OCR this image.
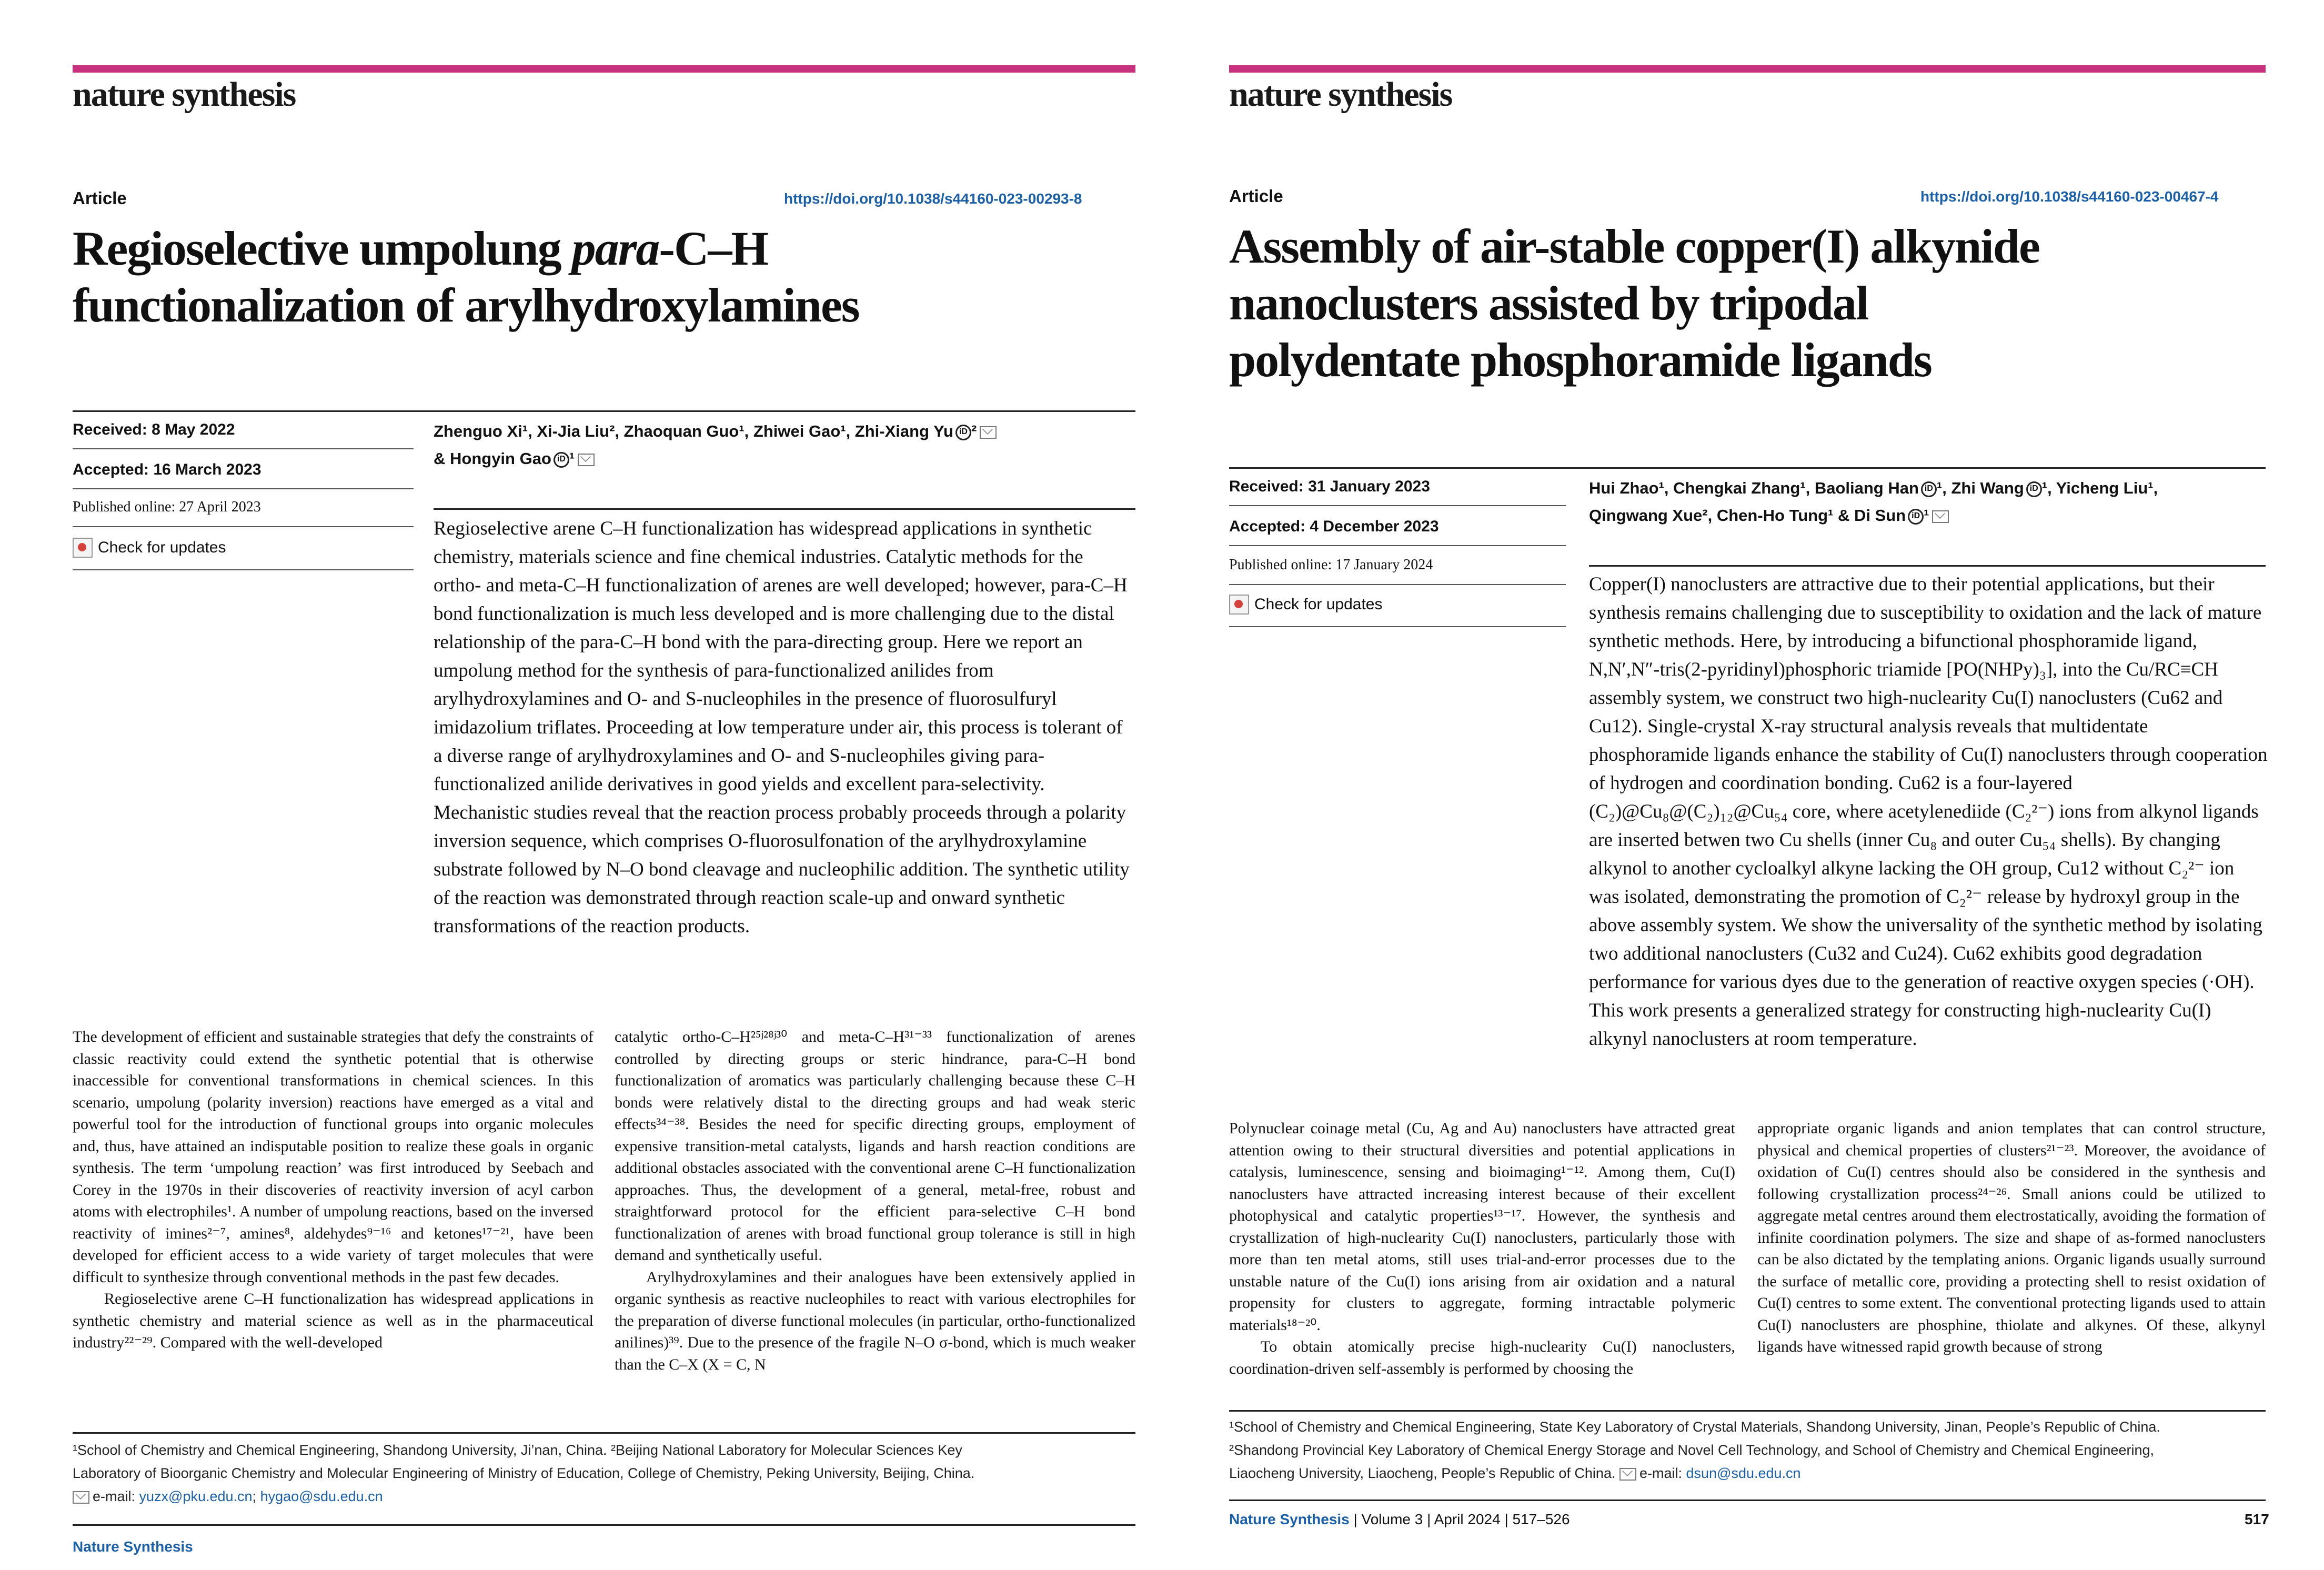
nature synthesis
Article	https://doi.org/10.1038/s44160-023-00293-8
Regioselective umpolung para-C–H
functionalization of arylhydroxylamines
Received: 8 May 2022
Accepted: 16 March 2023
Published online: 27 April 2023
Check for updates
Zhenguo Xi¹, Xi-Jia Liu², Zhaoquan Guo¹, Zhiwei Gao¹, Zhi-Xiang Yu iD ²
& Hongyin Gao iD ¹

Regioselective arene C–H functionalization has widespread applications in synthetic chemistry, materials science and fine chemical industries. Catalytic methods for the ortho- and meta-C–H functionalization of arenes are well developed; however, para-C–H bond functionalization is much less developed and is more challenging due to the distal relationship of the para-C–H bond with the para-directing group. Here we report an umpolung method for the synthesis of para-functionalized anilides from arylhydroxylamines and O- and S-nucleophiles in the presence of fluorosulfuryl imidazolium triflates. Proceeding at low temperature under air, this process is tolerant of a diverse range of arylhydroxylamines and O- and S-nucleophiles giving para-functionalized anilide derivatives in good yields and excellent para-selectivity. Mechanistic studies reveal that the reaction process probably proceeds through a polarity inversion sequence, which comprises O-fluorosulfonation of the arylhydroxylamine substrate followed by N–O bond cleavage and nucleophilic addition. The synthetic utility of the reaction was demonstrated through reaction scale-up and onward synthetic transformations of the reaction products.

The development of efficient and sustainable strategies that defy the constraints of classic reactivity could extend the synthetic potential that is otherwise inaccessible for conventional transformations in chemical sciences. In this scenario, umpolung (polarity inversion) reactions have emerged as a vital and powerful tool for the introduction of functional groups into organic molecules and, thus, have attained an indisputable position to realize these goals in organic synthesis. The term ‘umpolung reaction’ was first introduced by Seebach and Corey in the 1970s in their discoveries of reactivity inversion of acyl carbon atoms with electrophiles¹. A number of umpolung reactions, based on the inversed reactivity of imines²⁻⁷, amines⁸, aldehydes⁹⁻¹⁶ and ketones¹⁷⁻²¹, have been developed for efficient access to a wide variety of target molecules that were difficult to synthesize through conventional methods in the past few decades.

Regioselective arene C–H functionalization has widespread applications in synthetic chemistry and material science as well as in the pharmaceutical industry²²⁻²⁹. Compared with the well-developed

catalytic ortho-C–H²⁵ʲ²⁸ʲ³⁰ and meta-C–H³¹⁻³³ functionalization of arenes controlled by directing groups or steric hindrance, para-C–H bond functionalization of aromatics was particularly challenging because these C–H bonds were relatively distal to the directing groups and had weak steric effects³⁴⁻³⁸. Besides the need for specific directing groups, employment of expensive transition-metal catalysts, ligands and harsh reaction conditions are additional obstacles associated with the conventional arene C–H functionalization approaches. Thus, the development of a general, metal-free, robust and straightforward protocol for the efficient para-selective C–H bond functionalization of arenes with broad functional group tolerance is still in high demand and synthetically useful.

Arylhydroxylamines and their analogues have been extensively applied in organic synthesis as reactive nucleophiles to react with various electrophiles for the preparation of diverse functional molecules (in particular, ortho-functionalized anilines)³⁹. Due to the presence of the fragile N–O σ-bond, which is much weaker than the C–X (X = C, N

¹School of Chemistry and Chemical Engineering, Shandong University, Ji’nan, China. ²Beijing National Laboratory for Molecular Sciences Key

Laboratory of Bioorganic Chemistry and Molecular Engineering of Ministry of Education, College of Chemistry, Peking University, Beijing, China.

e-mail: yuzx@pku.edu.cn; hygao@sdu.edu.cn

Nature Synthesis
nature synthesis
Article	https://doi.org/10.1038/s44160-023-00467-4
Assembly of air-stable copper(I) alkynide
nanoclusters assisted by tripodal
polydentate phosphoramide ligands
Received: 31 January 2023
Accepted: 4 December 2023
Published online: 17 January 2024
Check for updates
Hui Zhao¹, Chengkai Zhang¹, Baoliang Han iD ¹, Zhi Wang iD ¹, Yicheng Liu¹,
Qingwang Xue², Chen-Ho Tung¹ & Di Sun iD ¹

Copper(I) nanoclusters are attractive due to their potential applications, but their synthesis remains challenging due to susceptibility to oxidation and the lack of mature synthetic methods. Here, by introducing a bifunctional phosphoramide ligand, N,N′,N″-tris(2-pyridinyl)phosphoric triamide [PO(NHPy)₃], into the Cu/RC≡CH assembly system, we construct two high-nuclearity Cu(I) nanoclusters (Cu62 and Cu12). Single-crystal X-ray structural analysis reveals that multidentate phosphoramide ligands enhance the stability of Cu(I) nanoclusters through cooperation of hydrogen and coordination bonding. Cu62 is a four-layered (C₂)@Cu₈@(C₂)₁₂@Cu₅₄ core, where acetylenediide (C₂²⁻) ions from alkynol ligands are inserted betwen two Cu shells (inner Cu₈ and outer Cu₅₄ shells). By changing alkynol to another cycloalkyl alkyne lacking the OH group, Cu12 without C₂²⁻ ion was isolated, demonstrating the promotion of C₂²⁻ release by hydroxyl group in the above assembly system. We show the universality of the synthetic method by isolating two additional nanoclusters (Cu32 and Cu24). Cu62 exhibits good degradation performance for various dyes due to the generation of reactive oxygen species (·OH). This work presents a generalized strategy for constructing high-nuclearity Cu(I) alkynyl nanoclusters at room temperature.

Polynuclear coinage metal (Cu, Ag and Au) nanoclusters have attracted great attention owing to their structural diversities and potential applications in catalysis, luminescence, sensing and bioimaging¹⁻¹². Among them, Cu(I) nanoclusters have attracted increasing interest because of their excellent photophysical and catalytic properties¹³⁻¹⁷. However, the synthesis and crystallization of high-nuclearity Cu(I) nanoclusters, particularly those with more than ten metal atoms, still uses trial-and-error processes due to the unstable nature of the Cu(I) ions arising from air oxidation and a natural propensity for clusters to aggregate, forming intractable polymeric materials¹⁸⁻²⁰.

To obtain atomically precise high-nuclearity Cu(I) nanoclusters, coordination-driven self-assembly is performed by choosing the

appropriate organic ligands and anion templates that can control structure, physical and chemical properties of clusters²¹⁻²³. Moreover, the avoidance of oxidation of Cu(I) centres should also be considered in the synthesis and following crystallization process²⁴⁻²⁶. Small anions could be utilized to aggregate metal centres around them electrostatically, avoiding the formation of infinite coordination polymers. The size and shape of as-formed nanoclusters can be also dictated by the templating anions. Organic ligands usually surround the surface of metallic core, providing a protecting shell to resist oxidation of Cu(I) centres to some extent. The conventional protecting ligands used to attain Cu(I) nanoclusters are phosphine, thiolate and alkynes. Of these, alkynyl ligands have witnessed rapid growth because of strong

¹School of Chemistry and Chemical Engineering, State Key Laboratory of Crystal Materials, Shandong University, Jinan, People’s Republic of China.

²Shandong Provincial Key Laboratory of Chemical Energy Storage and Novel Cell Technology, and School of Chemistry and Chemical Engineering,

Liaocheng University, Liaocheng, People’s Republic of China. e-mail: dsun@sdu.edu.cn

Nature Synthesis | Volume 3 | April 2024 | 517–526	517
